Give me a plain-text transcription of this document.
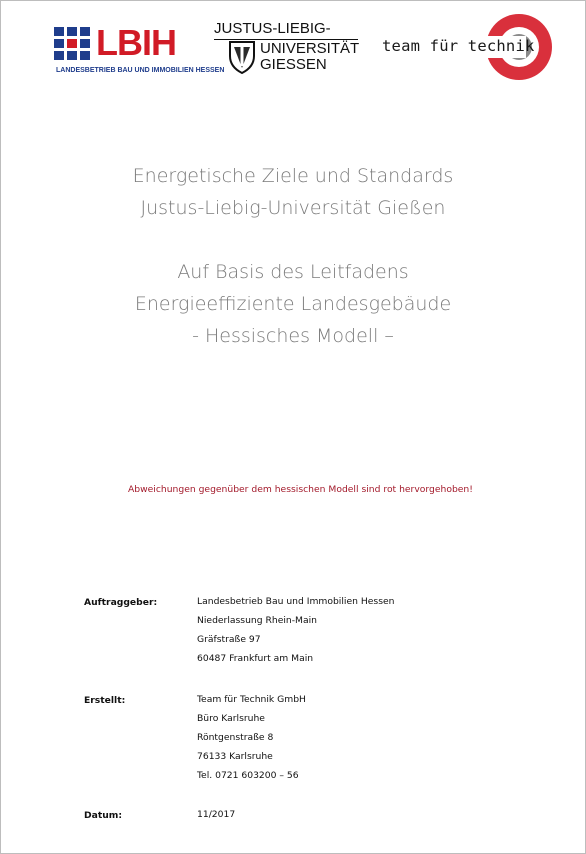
LBIH
LANDESBETRIEB BAU UND IMMOBILIEN HESSEN
JUSTUS-LIEBIG-
UNIVERSITÄT
GIESSEN
team für technik
Energetische Ziele und Standards
Justus-Liebig-Universität Gießen
Auf Basis des Leitfadens
Energieeffiziente Landesgebäude
- Hessisches Modell –
Abweichungen gegenüber dem hessischen Modell sind rot hervorgehoben!
Auftraggeber:	Landesbetrieb Bau und Immobilien Hessen
Niederlassung Rhein-Main
Gräfstraße 97
60487 Frankfurt am Main
Erstellt:	Team für Technik GmbH
Büro Karlsruhe
Röntgenstraße 8
76133 Karlsruhe
Tel. 0721 603200 – 56
Datum:	11/2017
